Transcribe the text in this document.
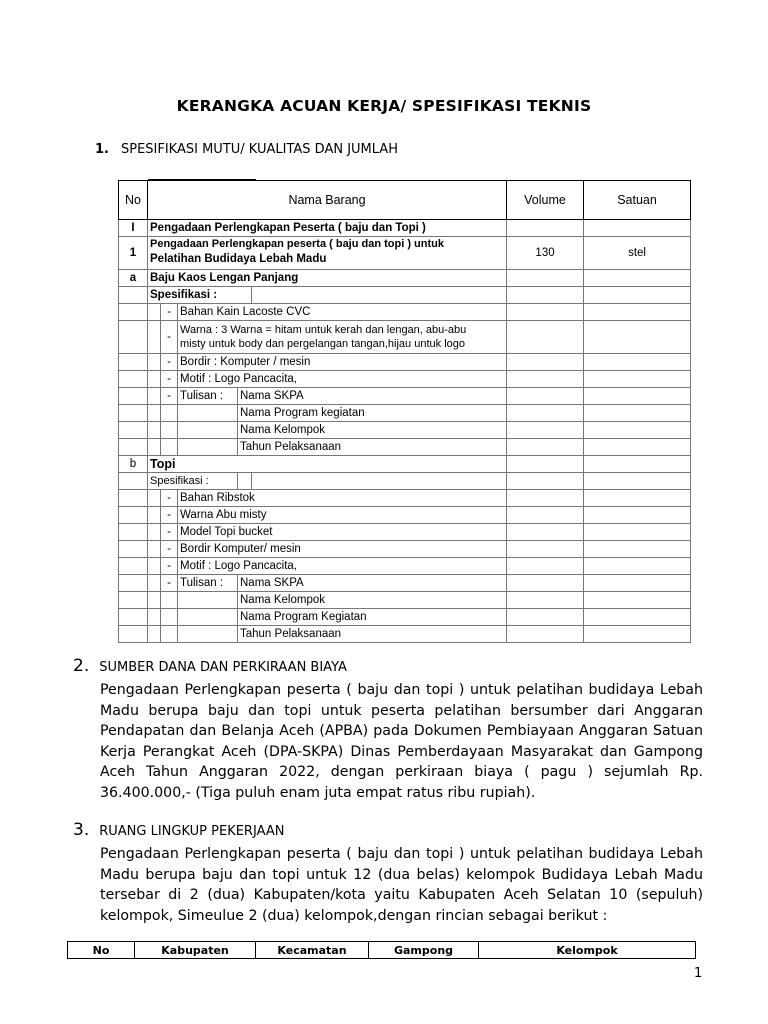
KERANGKA ACUAN KERJA/ SPESIFIKASI TEKNIS
1. SPESIFIKASI MUTU/ KUALITAS DAN JUMLAH
No	Nama Barang					Volume	Satuan
I	Pengadaan Perlengkapan Peserta ( baju dan Topi )						
1	Pengadaan Perlengkapan peserta ( baju dan topi ) untuk
Pelatihan Budidaya Lebah Madu					130	stel
a	Baju Kaos Lengan Panjang						
	Spesifikasi :						
		-	Bahan Kain Lacoste CVC				
		-	Warna : 3 Warna = hitam untuk kerah dan lengan, abu-abu
misty untuk body dan pergelangan tangan,hijau untuk logo				

		-	Bordir : Komputer / mesin				
		-	Motif : Logo Pancacita,				
		-	Tulisan :	Nama SKPA			
				Nama Program kegiatan			
				Nama Kelompok			
				Tahun Pelaksanaan			
b	Topi						
	Spesifikasi :						
		-	Bahan Ribstok				
		-	Warna Abu misty				
		-	Model Topi bucket				
		-	Bordir Komputer/ mesin				
		-	Motif : Logo Pancacita,				
		-	Tulisan :	Nama SKPA			
				Nama Kelompok			
				Nama Program Kegiatan			
				Tahun Pelaksanaan			
2. SUMBER DANA DAN PERKIRAAN BIAYA

Pengadaan Perlengkapan peserta ( baju dan topi ) untuk pelatihan budidaya Lebah Madu berupa baju dan topi untuk peserta pelatihan bersumber dari Anggaran Pendapatan dan Belanja Aceh (APBA) pada Dokumen Pembiayaan Anggaran Satuan Kerja Perangkat Aceh (DPA-SKPA) Dinas Pemberdayaan Masyarakat dan Gampong Aceh Tahun Anggaran 2022, dengan perkiraan biaya ( pagu ) sejumlah Rp. 36.400.000,- (Tiga puluh enam juta empat ratus ribu rupiah).

3. RUANG LINGKUP PEKERJAAN

Pengadaan Perlengkapan peserta ( baju dan topi ) untuk pelatihan budidaya Lebah Madu berupa baju dan topi untuk 12 (dua belas) kelompok Budidaya Lebah Madu tersebar di 2 (dua) Kabupaten/kota yaitu Kabupaten Aceh Selatan 10 (sepuluh) kelompok, Simeulue 2 (dua) kelompok,dengan rincian sebagai berikut :

No	Kabupaten	Kecamatan	Gampong	Kelompok
1
